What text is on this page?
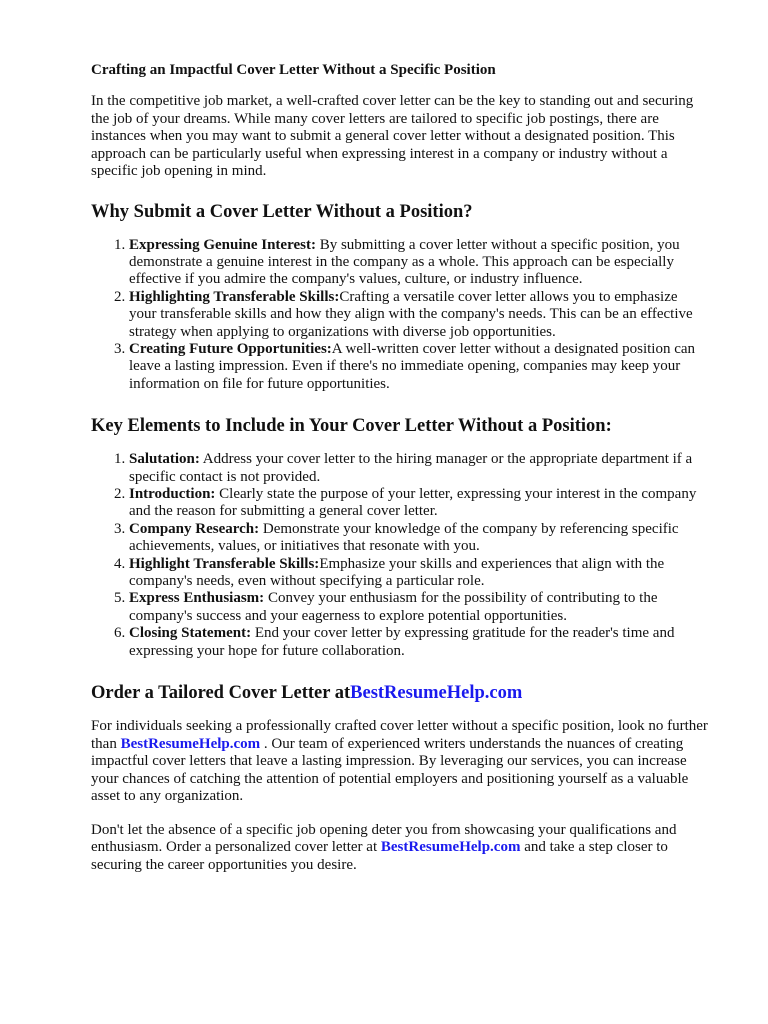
Crafting an Impactful Cover Letter Without a Specific Position

In the competitive job market, a well-crafted cover letter can be the key to standing out and securing the job of your dreams. While many cover letters are tailored to specific job postings, there are instances when you may want to submit a general cover letter without a designated position. This approach can be particularly useful when expressing interest in a company or industry without a specific job opening in mind.

Why Submit a Cover Letter Without a Position?
1. Expressing Genuine Interest: By submitting a cover letter without a specific position, you demonstrate a genuine interest in the company as a whole. This approach can be especially effective if you admire the company's values, culture, or industry influence.
2. Highlighting Transferable Skills:Crafting a versatile cover letter allows you to emphasize your transferable skills and how they align with the company's needs. This can be an effective strategy when applying to organizations with diverse job opportunities.
3. Creating Future Opportunities:A well-written cover letter without a designated position can leave a lasting impression. Even if there's no immediate opening, companies may keep your information on file for future opportunities.
Key Elements to Include in Your Cover Letter Without a Position:
1. Salutation: Address your cover letter to the hiring manager or the appropriate department if a specific contact is not provided.
2. Introduction: Clearly state the purpose of your letter, expressing your interest in the company and the reason for submitting a general cover letter.
3. Company Research: Demonstrate your knowledge of the company by referencing specific achievements, values, or initiatives that resonate with you.
4. Highlight Transferable Skills:Emphasize your skills and experiences that align with the company's needs, even without specifying a particular role.
5. Express Enthusiasm: Convey your enthusiasm for the possibility of contributing to the company's success and your eagerness to explore potential opportunities.
6. Closing Statement: End your cover letter by expressing gratitude for the reader's time and expressing your hope for future collaboration.
Order a Tailored Cover Letter atBestResumeHelp.com

For individuals seeking a professionally crafted cover letter without a specific position, look no further than BestResumeHelp.com . Our team of experienced writers understands the nuances of creating impactful cover letters that leave a lasting impression. By leveraging our services, you can increase your chances of catching the attention of potential employers and positioning yourself as a valuable asset to any organization.

Don't let the absence of a specific job opening deter you from showcasing your qualifications and enthusiasm. Order a personalized cover letter at BestResumeHelp.com and take a step closer to securing the career opportunities you desire.
